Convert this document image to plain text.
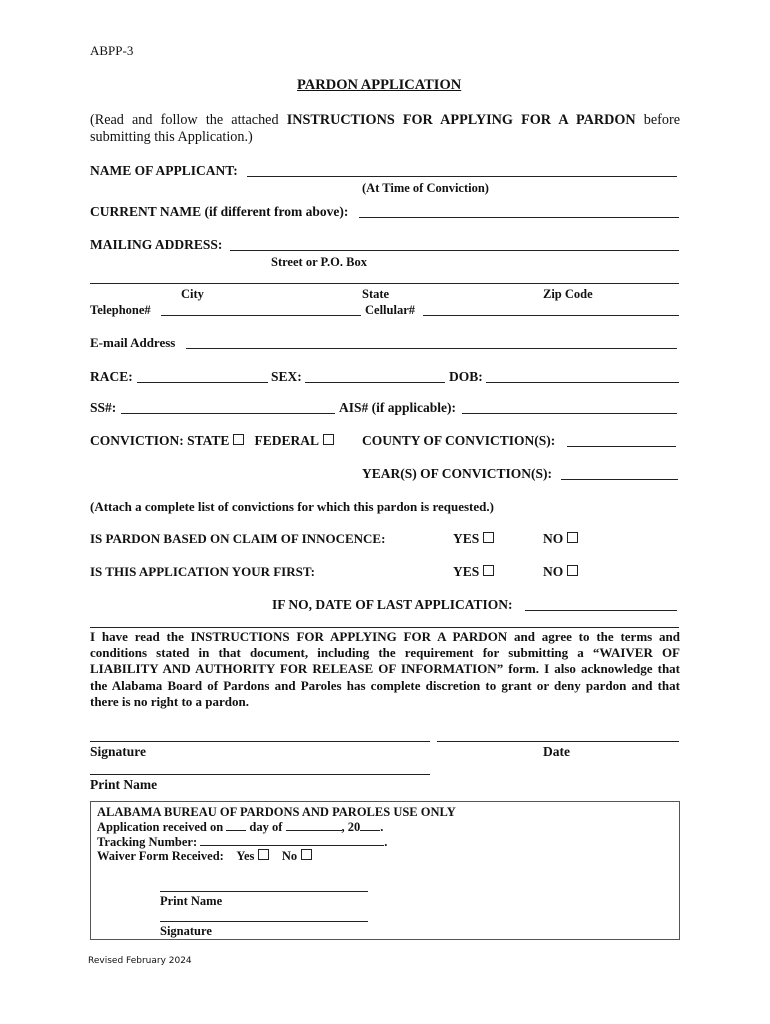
ABPP-3
PARDON APPLICATION
(Read and follow the attached INSTRUCTIONS FOR APPLYING FOR A PARDON before submitting this Application.)
NAME OF APPLICANT:
(At Time of Conviction)
CURRENT NAME (if different from above):
MAILING ADDRESS:
Street or P.O. Box
City	State	Zip Code
Telephone#	Cellular#
E-mail Address
RACE:	SEX:	DOB:
SS#:	AIS# (if applicable):
CONVICTION: STATE FEDERAL	COUNTY OF CONVICTION(S):
YEAR(S) OF CONVICTION(S):
(Attach a complete list of convictions for which this pardon is requested.)
IS PARDON BASED ON CLAIM OF INNOCENCE:	YES	NO
IS THIS APPLICATION YOUR FIRST:	YES	NO
IF NO, DATE OF LAST APPLICATION:
I have read the INSTRUCTIONS FOR APPLYING FOR A PARDON and agree to the terms and conditions stated in that document, including the requirement for submitting a “WAIVER OF LIABILITY AND AUTHORITY FOR RELEASE OF INFORMATION” form. I also acknowledge that the Alabama Board of Pardons and Paroles has complete discretion to grant or deny pardon and that there is no right to a pardon.
Signature	Date
Print Name
ALABAMA BUREAU OF PARDONS AND PAROLES USE ONLY
Application received on day of	, 20 .
Tracking Number:	.
Waiver Form Received: Yes No
Print Name
Signature
Revised February 2024
